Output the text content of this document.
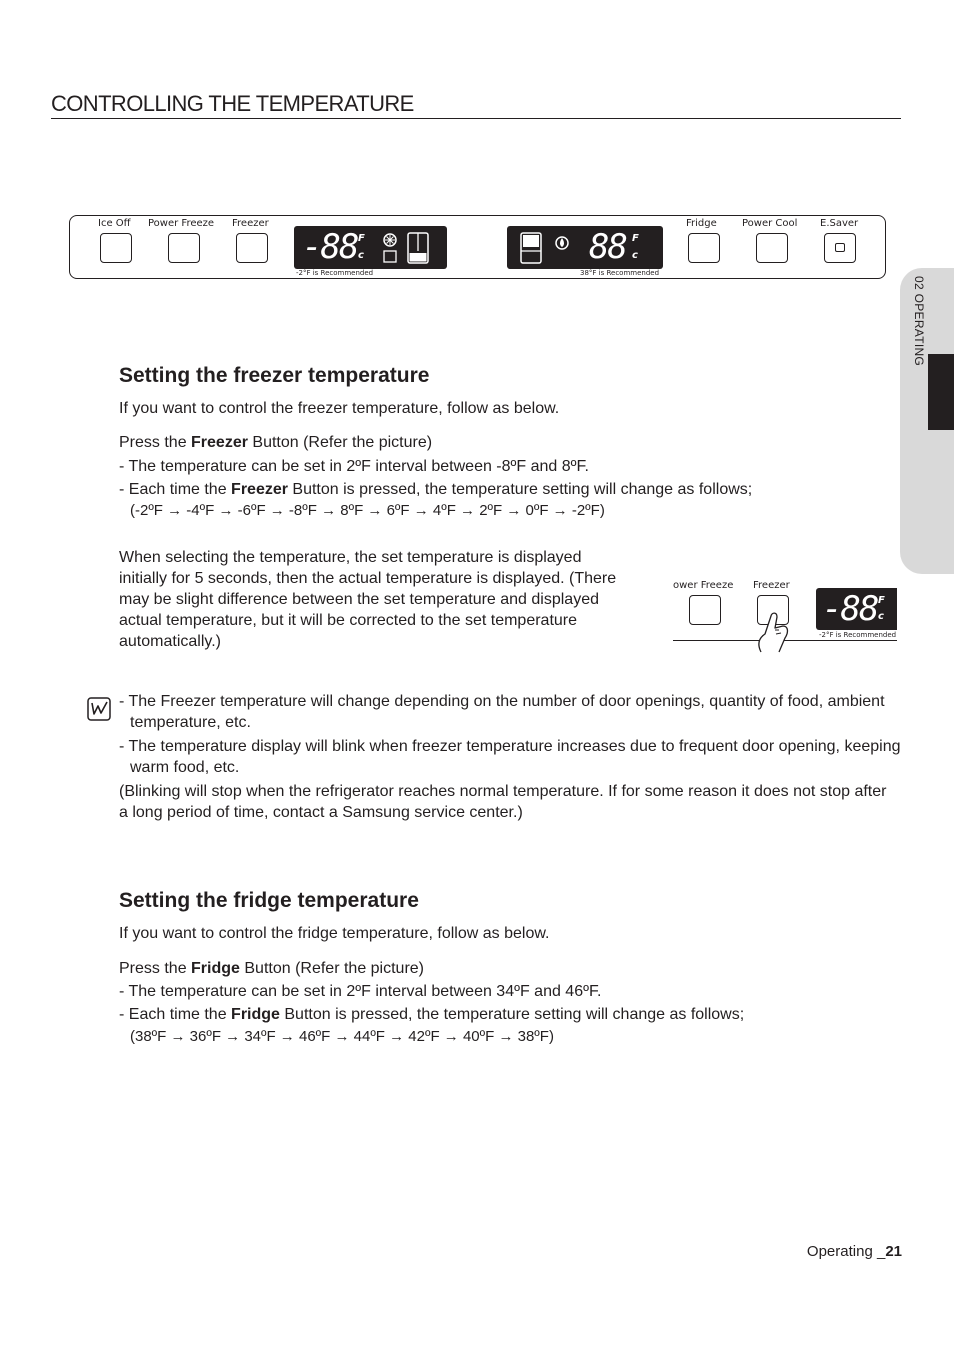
CONTROLLING THE TEMPERATURE
02 OPERATING
Ice Off Power Freeze Freezer
-88 F
c
-2°F is Recommended
88 F
c
38°F is Recommended
Fridge	Power Cool E.Saver
Setting the freezer temperature
If you want to control the freezer temperature, follow as below.
Press the Freezer Button (Refer the picture)
- The temperature can be set in 2ºF interval between -8ºF and 8ºF.
- Each time the Freezer Button is pressed, the temperature setting will change as follows;
(-2ºF → -4ºF → -6ºF → -8ºF → 8ºF → 6ºF → 4ºF → 2ºF → 0ºF → -2ºF)
When selecting the temperature, the set temperature is displayed initially for 5 seconds, then the actual temperature is displayed. (There may be slight difference between the set temperature and displayed actual temperature, but it will be corrected to the set temperature automatically.)
ower Freeze Freezer
-88 F
c
-2°F is Recommended
- The Freezer temperature will change depending on the number of door openings, quantity of food, ambient temperature, etc.
- The temperature display will blink when freezer temperature increases due to frequent door opening, keeping warm food, etc.
(Blinking will stop when the refrigerator reaches normal temperature. If for some reason it does not stop after a long period of time, contact a Samsung service center.)
Setting the fridge temperature
If you want to control the fridge temperature, follow as below.
Press the Fridge Button (Refer the picture)
- The temperature can be set in 2ºF interval between 34ºF and 46ºF.
- Each time the Fridge Button is pressed, the temperature setting will change as follows;
(38ºF → 36ºF → 34ºF → 46ºF → 44ºF → 42ºF → 40ºF → 38ºF)
Operating _21
